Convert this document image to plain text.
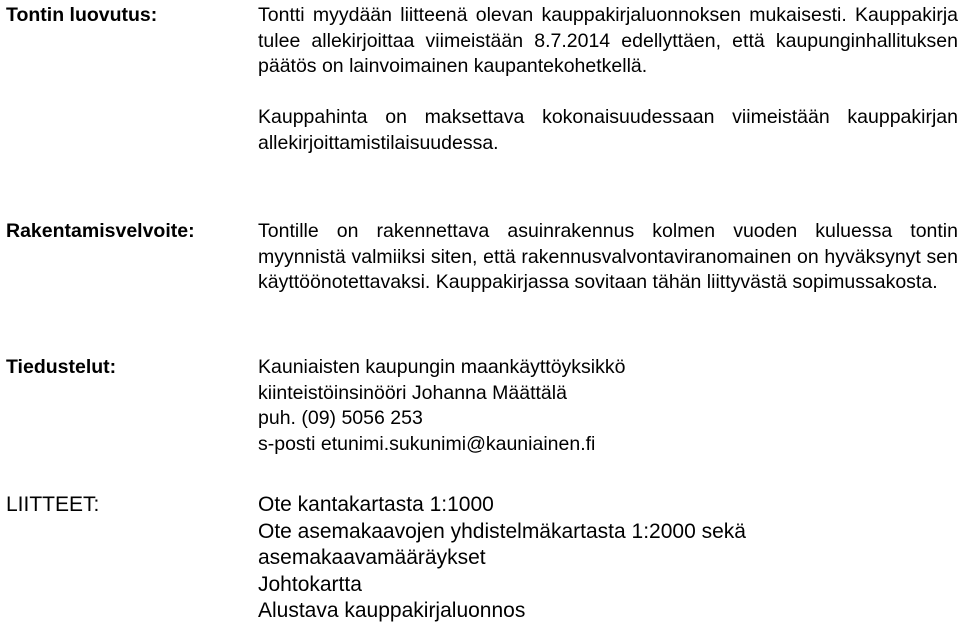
Tontin luovutus:	Tontti myydään liitteenä olevan kauppakirjaluonnoksen mukaisesti. Kauppakirja tulee allekirjoittaa viimeistään 8.7.2014 edellyttäen, että kaupunginhallituksen päätös on lainvoimainen kaupantekohetkellä.

Kauppahinta on maksettava kokonaisuudessaan viimeistään kauppakirjan allekirjoittamistilaisuudessa.

Rakentamisvelvoite:	Tontille on rakennettava asuinrakennus kolmen vuoden kuluessa tontin myynnistä valmiiksi siten, että rakennusvalvontaviranomainen on hyväksynyt sen käyttöönotettavaksi. Kauppakirjassa sovitaan tähän liittyvästä sopimussakosta.

Tiedustelut:	Kauniaisten kaupungin maankäyttöyksikkö
kiinteistöinsinööri Johanna Määttälä
puh. (09) 5056 253
s-posti etunimi.sukunimi@kauniainen.fi
LIITTEET:	Ote kantakartasta 1:1000
Ote asemakaavojen yhdistelmäkartasta 1:2000 sekä asemakaavamääräykset
Johtokartta
Alustava kauppakirjaluonnos
